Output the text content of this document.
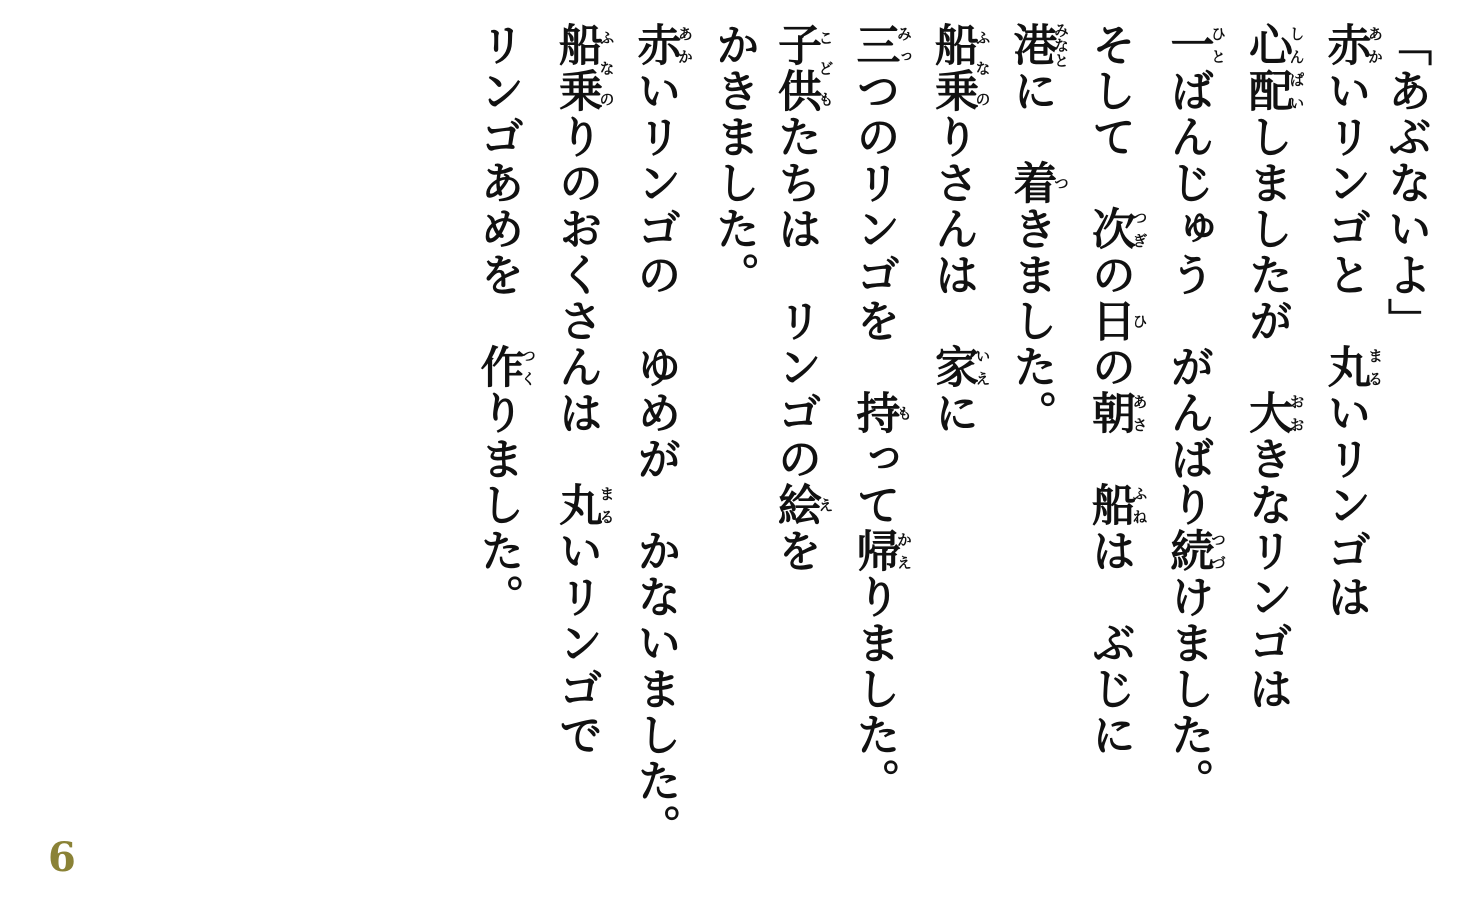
「あぶないよ」
赤あかいリンゴと　丸まるいリンゴは
心配しんぱいしましたが　大おおきなリンゴは
一ひとばんじゅう　がんばり続つづけました。
そして　次つぎの日ひの朝あさ　船ふねは　ぶじに
港みなとに　着つきました。
船乗ふなのりさんは　家いえに
三みっつのリンゴを　持もって帰かえりました。
子供こどもたちは　リンゴの絵えを
かきました。
赤あかいリンゴの　ゆめが　かないました。
船乗ふなのりのおくさんは　丸まるいリンゴで
リンゴあめを　作つくりました。
6
